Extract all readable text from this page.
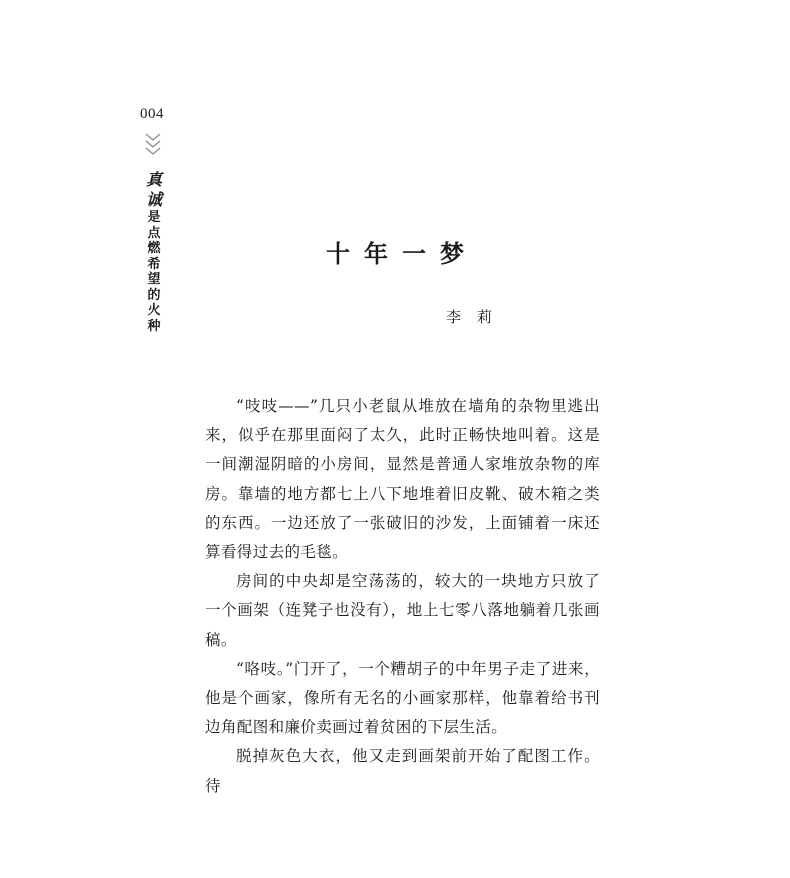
004
真
诚
是
点
燃
希
望
的
火
种
十年一梦
李莉

“吱吱——”几只小老鼠从堆放在墙角的杂物里逃出来，似乎在那里面闷了太久，此时正畅快地叫着。这是一间潮湿阴暗的小房间，显然是普通人家堆放杂物的库房。靠墙的地方都七上八下地堆着旧皮靴、破木箱之类的东西。一边还放了一张破旧的沙发，上面铺着一床还算看得过去的毛毯。

房间的中央却是空荡荡的，较大的一块地方只放了一个画架（连凳子也没有），地上七零八落地躺着几张画稿。

“咯吱。”门开了，一个糟胡子的中年男子走了进来，他是个画家，像所有无名的小画家那样，他靠着给书刊边角配图和廉价卖画过着贫困的下层生活。

脱掉灰色大衣，他又走到画架前开始了配图工作。待
